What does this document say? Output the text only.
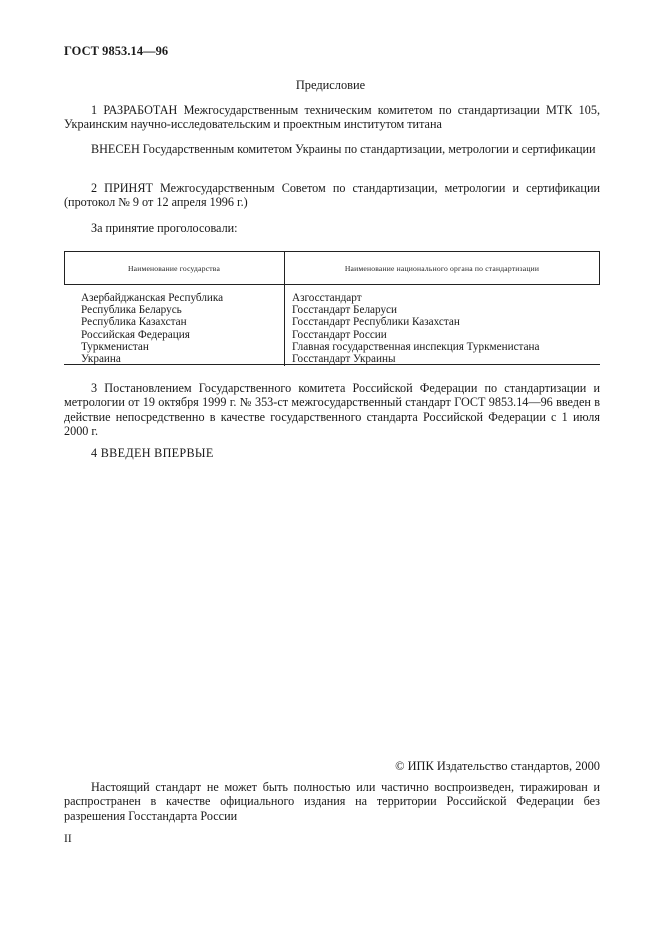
ГОСТ 9853.14—96
Предисловие
1 РАЗРАБОТАН Межгосударственным техническим комитетом по стандартизации МТК 105, Украинским научно-исследовательским и проектным институтом титана
ВНЕСЕН Государственным комитетом Украины по стандартизации, метрологии и сертификации
2 ПРИНЯТ Межгосударственным Советом по стандартизации, метрологии и сертификации (протокол № 9 от 12 апреля 1996 г.)
За принятие проголосовали:
Наименование государства	Наименование национального органа по стандартизации
Азербайджанская Республика
Республика Беларусь
Республика Казахстан
Российская Федерация
Туркменистан
Украина
Азгосстандарт
Госстандарт Беларуси
Госстандарт Республики Казахстан
Госстандарт России
Главная государственная инспекция Туркменистана
Госстандарт Украины
3 Постановлением Государственного комитета Российской Федерации по стандартизации и метрологии от 19 октября 1999 г. № 353-ст межгосударственный стандарт ГОСТ 9853.14—96 введен в действие непосредственно в качестве государственного стандарта Российской Федерации с 1 июля 2000 г.
4 ВВЕДЕН ВПЕРВЫЕ
© ИПК Издательство стандартов, 2000
Настоящий стандарт не может быть полностью или частично воспроизведен, тиражирован и распространен в качестве официального издания на территории Российской Федерации без разрешения Госстандарта России
II
